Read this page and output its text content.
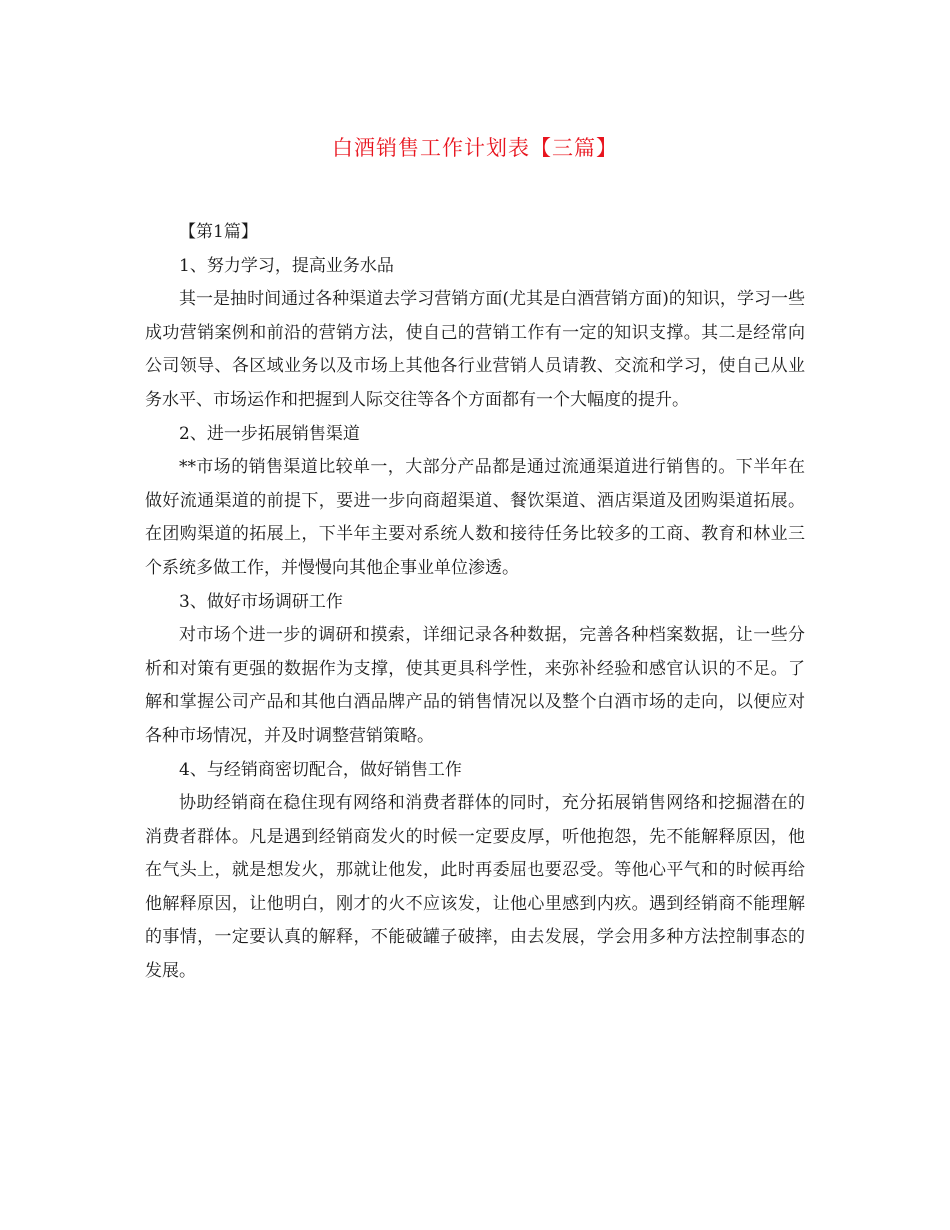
白酒销售工作计划表【三篇】

【第1篇】

1、努力学习，提高业务水品

其一是抽时间通过各种渠道去学习营销方面(尤其是白酒营销方面)的知识，学习一些成功营销案例和前沿的营销方法，使自己的营销工作有一定的知识支撑。其二是经常向公司领导、各区域业务以及市场上其他各行业营销人员请教、交流和学习，使自己从业务水平、市场运作和把握到人际交往等各个方面都有一个大幅度的提升。

2、进一步拓展销售渠道

**市场的销售渠道比较单一，大部分产品都是通过流通渠道进行销售的。下半年在做好流通渠道的前提下，要进一步向商超渠道、餐饮渠道、酒店渠道及团购渠道拓展。在团购渠道的拓展上，下半年主要对系统人数和接待任务比较多的工商、教育和林业三个系统多做工作，并慢慢向其他企事业单位渗透。

3、做好市场调研工作

对市场个进一步的调研和摸索，详细记录各种数据，完善各种档案数据，让一些分析和对策有更强的数据作为支撑，使其更具科学性，来弥补经验和感官认识的不足。了解和掌握公司产品和其他白酒品牌产品的销售情况以及整个白酒市场的走向，以便应对各种市场情况，并及时调整营销策略。

4、与经销商密切配合，做好销售工作

协助经销商在稳住现有网络和消费者群体的同时，充分拓展销售网络和挖掘潜在的消费者群体。凡是遇到经销商发火的时候一定要皮厚，听他抱怨，先不能解释原因，他在气头上，就是想发火，那就让他发，此时再委屈也要忍受。等他心平气和的时候再给他解释原因，让他明白，刚才的火不应该发，让他心里感到内疚。遇到经销商不能理解的事情，一定要认真的解释，不能破罐子破摔，由去发展，学会用多种方法控制事态的发展。
